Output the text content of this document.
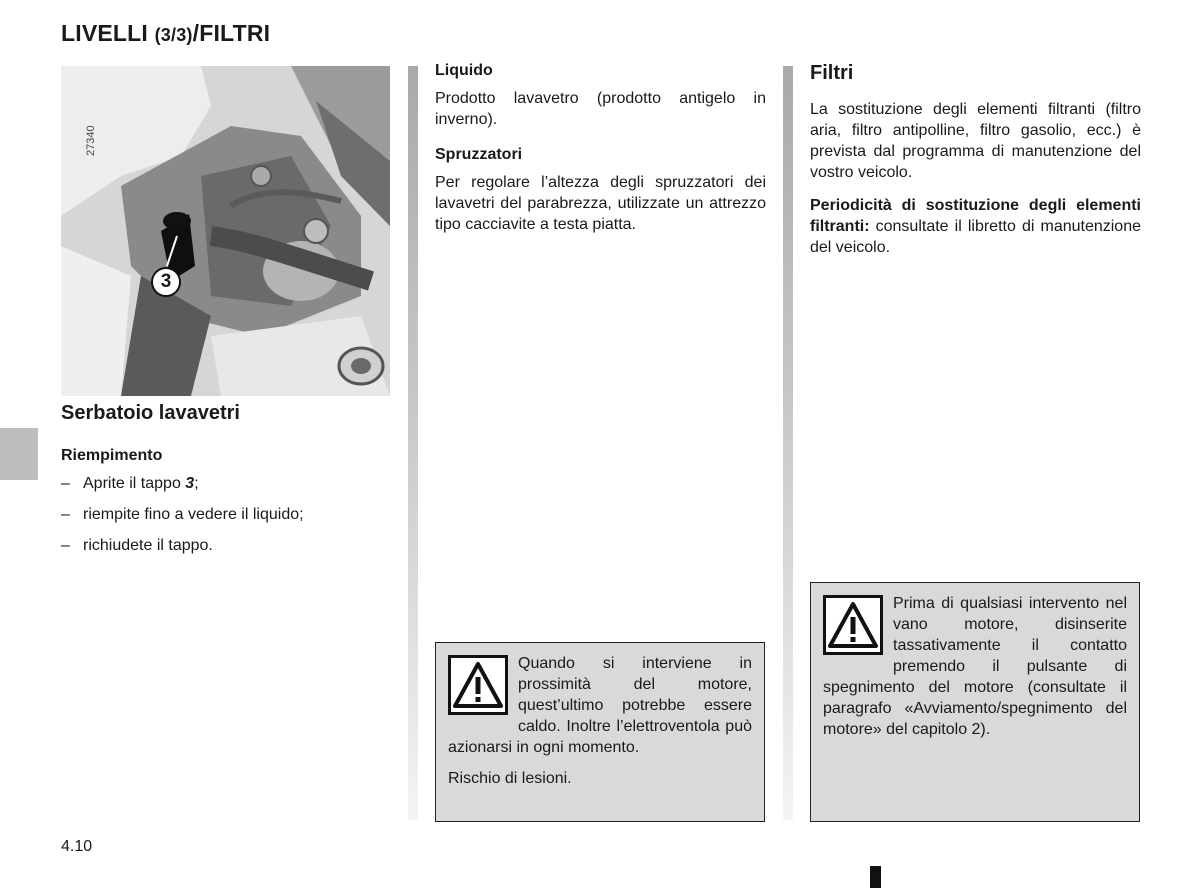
LIVELLI (3/3)/FILTRI
27340
3
Serbatoio lavavetri
Riempimento
– Aprite il tappo 3;
– riempite fino a vedere il liquido;
– richiudete il tappo.
Liquido

Prodotto lavavetro (prodotto antigelo in inverno).

Spruzzatori

Per regolare l’altezza degli spruzzatori dei lavavetri del parabrezza, utilizzate un attrezzo tipo cacciavite a testa piatta.

Quando si interviene in prossimità del motore, quest’ultimo potrebbe essere caldo. Inoltre l’elettroventola può azionarsi in ogni momento.

Rischio di lesioni.

Filtri

La sostituzione degli elementi filtranti (filtro aria, filtro antipolline, filtro gasolio, ecc.) è prevista dal programma di manutenzione del vostro veicolo.

Periodicità di sostituzione degli elementi filtranti: consultate il libretto di manutenzione del veicolo.

Prima di qualsiasi intervento nel vano motore, disinserite tassativamente il contatto premendo il pulsante di spegnimento del motore (consultate il paragrafo «Avviamento/spegnimento del motore» del capitolo 2).

4.10
